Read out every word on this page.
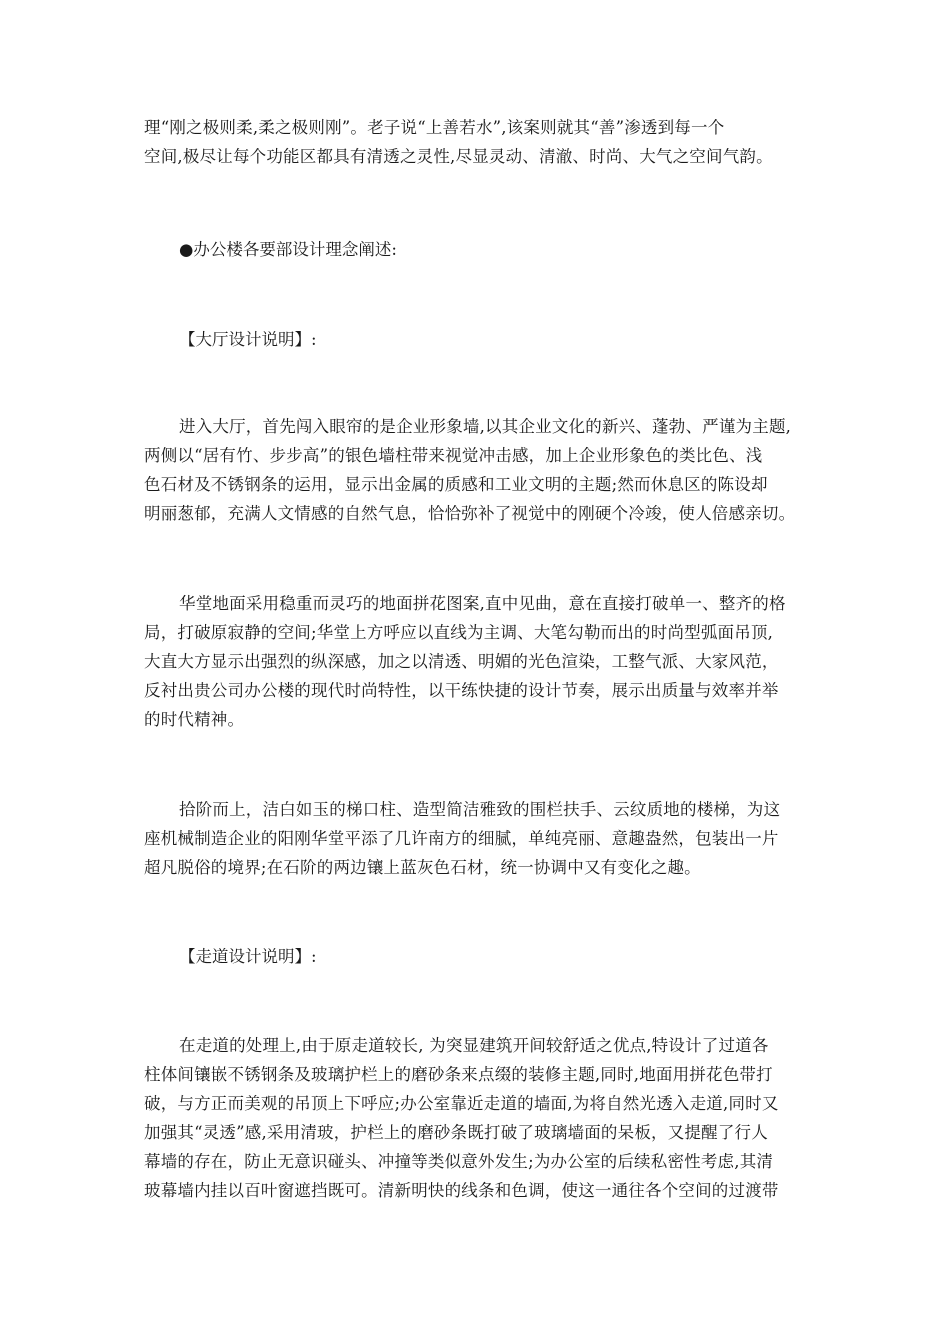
理“刚之极则柔,柔之极则刚”。老子说“上善若水”,该案则就其“善”渗透到每一个
空间,极尽让每个功能区都具有清透之灵性,尽显灵动、清澈、时尚、大气之空间气韵。

●办公楼各要部设计理念阐述:

【大厅设计说明】:

进入大厅，首先闯入眼帘的是企业形象墙,以其企业文化的新兴、蓬勃、严谨为主题,
两侧以“居有竹、步步高”的银色墙柱带来视觉冲击感，加上企业形象色的类比色、浅
色石材及不锈钢条的运用，显示出金属的质感和工业文明的主题;然而休息区的陈设却
明丽葱郁，充满人文情感的自然气息，恰恰弥补了视觉中的刚硬个冷竣，使人倍感亲切。

华堂地面采用稳重而灵巧的地面拼花图案,直中见曲，意在直接打破单一、整齐的格
局，打破原寂静的空间;华堂上方呼应以直线为主调、大笔勾勒而出的时尚型弧面吊顶,
大直大方显示出强烈的纵深感，加之以清透、明媚的光色渲染，工整气派、大家风范，
反衬出贵公司办公楼的现代时尚特性，以干练快捷的设计节奏，展示出质量与效率并举
的时代精神。

拾阶而上，洁白如玉的梯口柱、造型简洁雅致的围栏扶手、云纹质地的楼梯，为这
座机械制造企业的阳刚华堂平添了几许南方的细腻，单纯亮丽、意趣盎然，包装出一片
超凡脱俗的境界;在石阶的两边镶上蓝灰色石材，统一协调中又有变化之趣。

【走道设计说明】:

在走道的处理上,由于原走道较长, 为突显建筑开间较舒适之优点,特设计了过道各
柱体间镶嵌不锈钢条及玻璃护栏上的磨砂条来点缀的装修主题,同时,地面用拼花色带打
破，与方正而美观的吊顶上下呼应;办公室靠近走道的墙面,为将自然光透入走道,同时又
加强其“灵透”感,采用清玻，护栏上的磨砂条既打破了玻璃墙面的呆板，又提醒了行人
幕墙的存在，防止无意识碰头、冲撞等类似意外发生;为办公室的后续私密性考虑,其清
玻幕墙内挂以百叶窗遮挡既可。清新明快的线条和色调，使这一通往各个空间的过渡带
